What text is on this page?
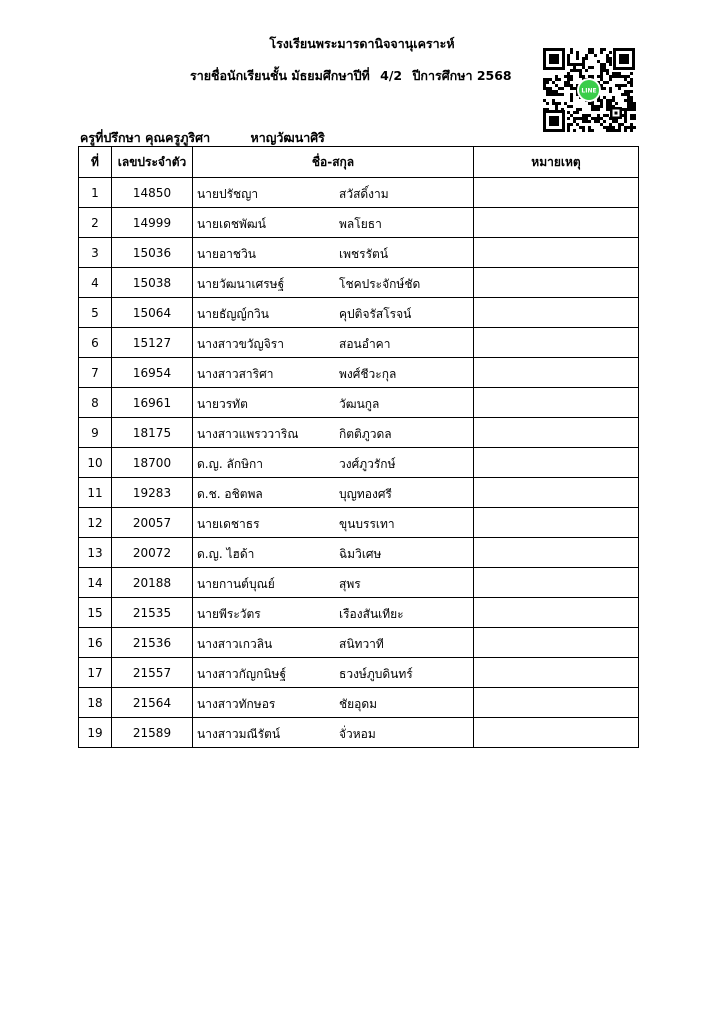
โรงเรียนพระมารดานิจจานุเคราะห์
รายชื่อนักเรียนชั้น มัธยมศึกษาปีที่ 4/2 ปีการศึกษา 2568
ครูที่ปรึกษา คุณครูภูริศา	หาญวัฒนาศิริ
LINE
ที่	เลขประจำตัว	ชื่อ-สกุล	หมายเหตุ
1	14850	นายปรัชญา สวัสดิ์งาม	

2	14999	นายเดชพัฒน์ พลโยธา	

3	15036	นายอาชวิน เพชรรัตน์	

4	15038	นายวัฒนาเศรษฐ์ โชคประจักษ์ชัด	

5	15064	นายธัญญ์กวิน คุปติจรัสโรจน์	

6	15127	นางสาวขวัญจิรา สอนอำคา	

7	16954	นางสาวสาริศา พงศ์ชีวะกุล	

8	16961	นายวรทัต วัฒนกูล	

9	18175	นางสาวแพรววาริณ กิตติภูวดล	

10	18700	ด.ญ. ลักษิกา วงศ์ภูวรักษ์	

11	19283	ด.ช. อชิตพล บุญทองศรี	

12	20057	นายเดชาธร ขุนบรรเทา	

13	20072	ด.ญ. ไฮด้า ฉิมวิเศษ	

14	20188	นายกานต์บุณย์ สุพร	

15	21535	นายพีระวัตร เรืองสันเทียะ	

16	21536	นางสาวเกวลิน สนิทวาที	

17	21557	นางสาวกัญกนิษฐ์ ธวงษ์ภูบดินทร์	

18	21564	นางสาวทักษอร ชัยอุดม	

19	21589	นางสาวมณีรัตน์ จั่วหอม	
